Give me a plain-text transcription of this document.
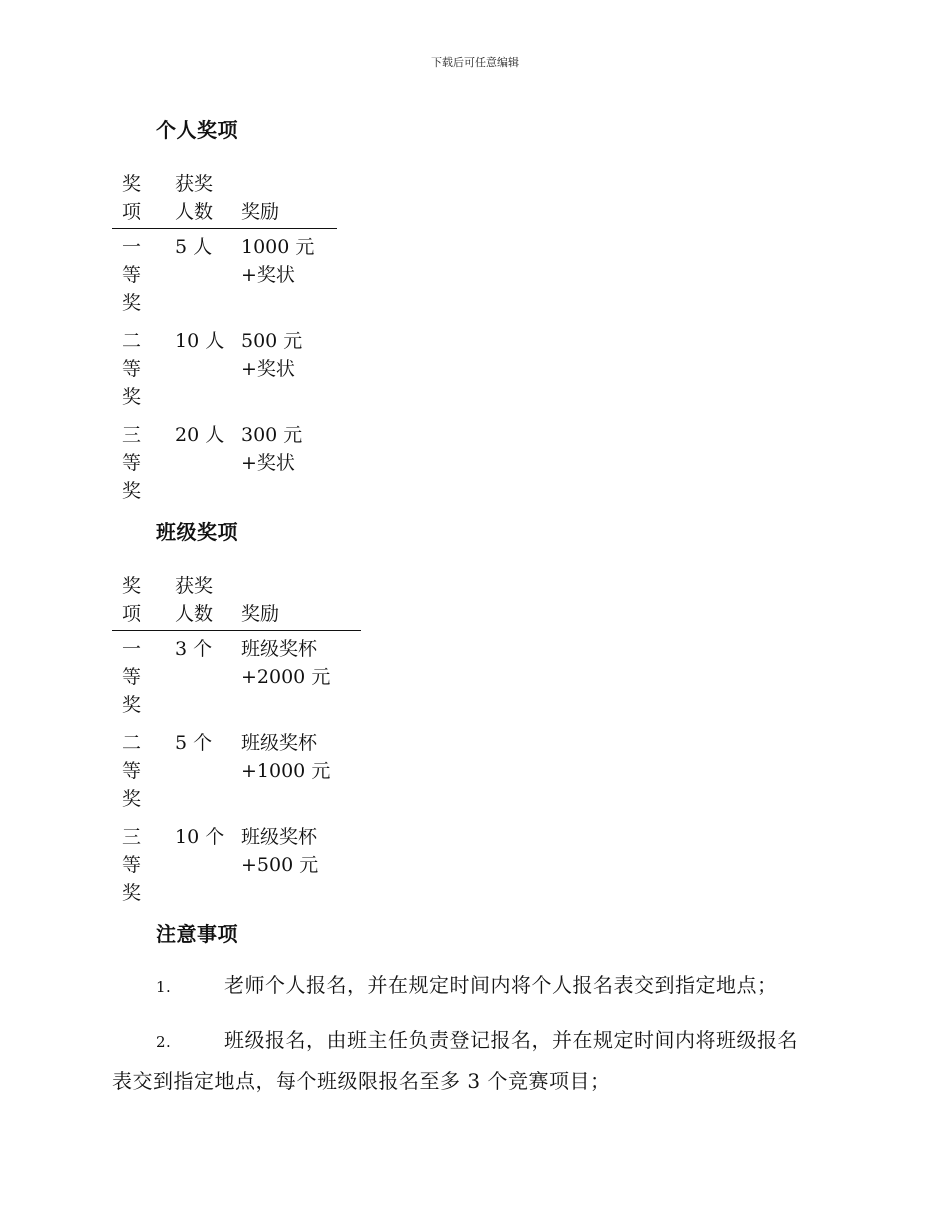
下载后可任意编辑
个人奖项
奖项
获奖
人数	奖励
一等奖
5 人	1000 元
+奖状
二等奖
10 人 500 元
+奖状
三等奖
20 人 300 元
+奖状
班级奖项
奖项
获奖
人数	奖励
一等奖
3 个	班级奖杯
+2000 元
二等奖
5 个	班级奖杯
+1000 元
三等奖
10 个 班级奖杯
+500 元
注意事项
1.	老师个人报名，并在规定时间内将个人报名表交到指定地点；
2.	班级报名，由班主任负责登记报名，并在规定时间内将班级报名
表交到指定地点，每个班级限报名至多 3 个竞赛项目；
